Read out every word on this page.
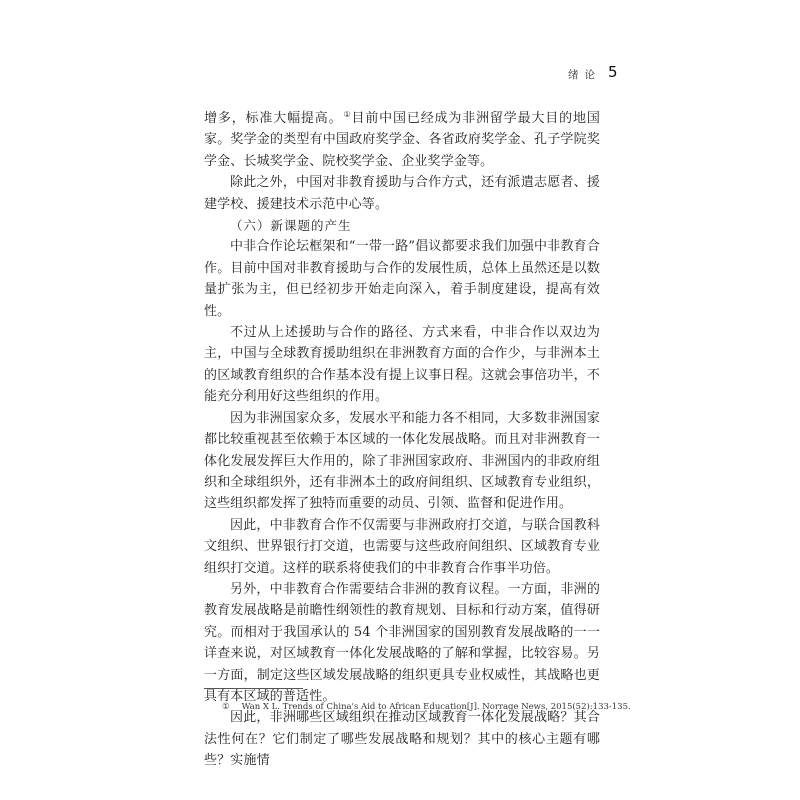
绪论 5

增多，标准大幅提高。①目前中国已经成为非洲留学最大目的地国家。奖学金的类型有中国政府奖学金、各省政府奖学金、孔子学院奖学金、长城奖学金、院校奖学金、企业奖学金等。

除此之外，中国对非教育援助与合作方式，还有派遣志愿者、援建学校、援建技术示范中心等。

（六）新课题的产生

中非合作论坛框架和“一带一路”倡议都要求我们加强中非教育合作。目前中国对非教育援助与合作的发展性质，总体上虽然还是以数量扩张为主，但已经初步开始走向深入，着手制度建设，提高有效性。

不过从上述援助与合作的路径、方式来看，中非合作以双边为主，中国与全球教育援助组织在非洲教育方面的合作少，与非洲本土的区域教育组织的合作基本没有提上议事日程。这就会事倍功半，不能充分利用好这些组织的作用。

因为非洲国家众多，发展水平和能力各不相同，大多数非洲国家都比较重视甚至依赖于本区域的一体化发展战略。而且对非洲教育一体化发展发挥巨大作用的，除了非洲国家政府、非洲国内的非政府组织和全球组织外，还有非洲本土的政府间组织、区域教育专业组织，这些组织都发挥了独特而重要的动员、引领、监督和促进作用。

因此，中非教育合作不仅需要与非洲政府打交道，与联合国教科文组织、世界银行打交道，也需要与这些政府间组织、区域教育专业组织打交道。这样的联系将使我们的中非教育合作事半功倍。

另外，中非教育合作需要结合非洲的教育议程。一方面，非洲的教育发展战略是前瞻性纲领性的教育规划、目标和行动方案，值得研究。而相对于我国承认的 54 个非洲国家的国别教育发展战略的一一详查来说，对区域教育一体化发展战略的了解和掌握，比较容易。另一方面，制定这些区域发展战略的组织更具专业权威性，其战略也更具有本区域的普适性。

因此，非洲哪些区域组织在推动区域教育一体化发展战略？其合法性何在？它们制定了哪些发展战略和规划？其中的核心主题有哪些？实施情

① Wan X L. Trends of China's Aid to African Education[J]. Norrage News, 2015(52):133-135.
